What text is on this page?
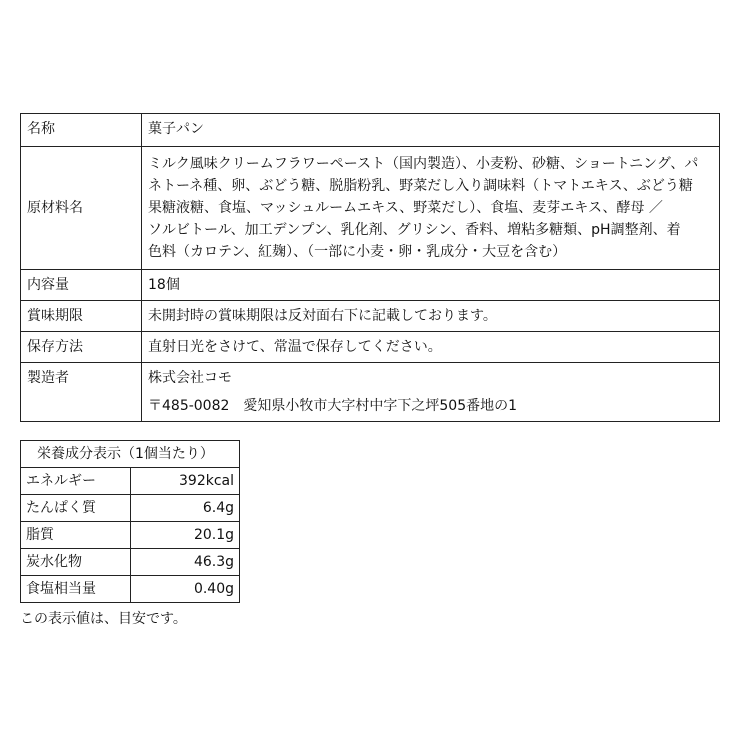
名称	菓子パン
原材料名	ミルク風味クリームフラワーペースト（国内製造）、小麦粉、砂糖、ショートニング、パ
ネトーネ種、卵、ぶどう糖、脱脂粉乳、野菜だし入り調味料（トマトエキス、ぶどう糖
果糖液糖、食塩、マッシュルームエキス、野菜だし）、食塩、麦芽エキス、酵母 ／
ソルビトール、加工デンプン、乳化剤、グリシン、香料、増粘多糖類、pH調整剤、着
色料（カロテン、紅麹）、（一部に小麦・卵・乳成分・大豆を含む）

内容量	18個
賞味期限	未開封時の賞味期限は反対面右下に記載しております。
保存方法	直射日光をさけて、常温で保存してください。
製造者	株式会社コモ
〒485-0082　愛知県小牧市大字村中字下之坪505番地の1
栄養成分表示（1個当たり）	
エネルギー	392kcal
たんぱく質	6.4g
脂質	20.1g
炭水化物	46.3g
食塩相当量	0.40g
この表示値は、目安です。
